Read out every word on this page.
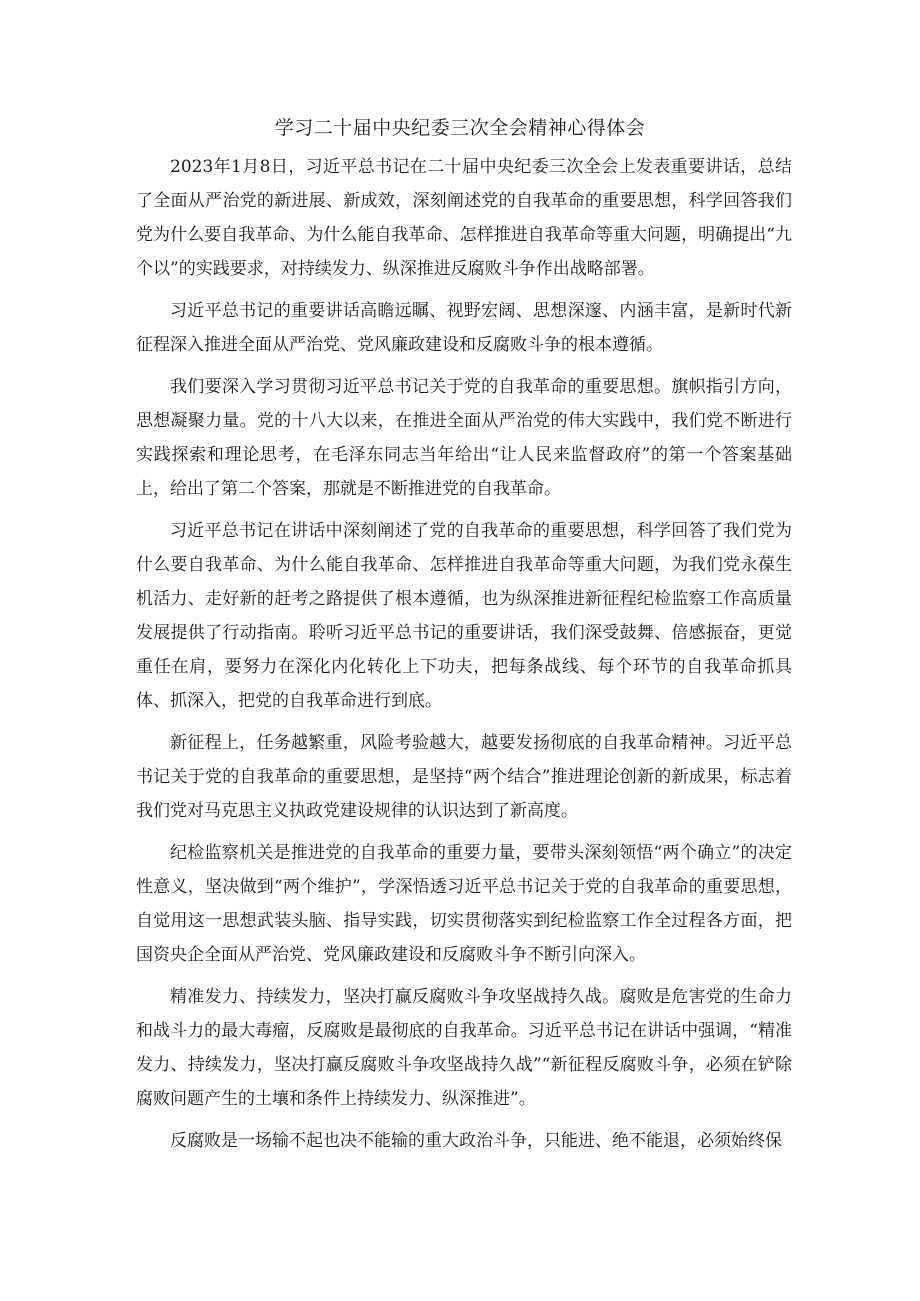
学习二十届中央纪委三次全会精神心得体会

2023年1月8日，习近平总书记在二十届中央纪委三次全会上发表重要讲话，总结了全面从严治党的新进展、新成效，深刻阐述党的自我革命的重要思想，科学回答我们党为什么要自我革命、为什么能自我革命、怎样推进自我革命等重大问题，明确提出“九个以”的实践要求，对持续发力、纵深推进反腐败斗争作出战略部署。

习近平总书记的重要讲话高瞻远瞩、视野宏阔、思想深邃、内涵丰富，是新时代新征程深入推进全面从严治党、党风廉政建设和反腐败斗争的根本遵循。

我们要深入学习贯彻习近平总书记关于党的自我革命的重要思想。旗帜指引方向，思想凝聚力量。党的十八大以来，在推进全面从严治党的伟大实践中，我们党不断进行实践探索和理论思考，在毛泽东同志当年给出“让人民来监督政府”的第一个答案基础上，给出了第二个答案，那就是不断推进党的自我革命。

习近平总书记在讲话中深刻阐述了党的自我革命的重要思想，科学回答了我们党为什么要自我革命、为什么能自我革命、怎样推进自我革命等重大问题，为我们党永葆生机活力、走好新的赶考之路提供了根本遵循，也为纵深推进新征程纪检监察工作高质量发展提供了行动指南。聆听习近平总书记的重要讲话，我们深受鼓舞、倍感振奋，更觉重任在肩，要努力在深化内化转化上下功夫，把每条战线、每个环节的自我革命抓具体、抓深入，把党的自我革命进行到底。

新征程上，任务越繁重，风险考验越大，越要发扬彻底的自我革命精神。习近平总书记关于党的自我革命的重要思想，是坚持“两个结合”推进理论创新的新成果，标志着我们党对马克思主义执政党建设规律的认识达到了新高度。

纪检监察机关是推进党的自我革命的重要力量，要带头深刻领悟“两个确立”的决定性意义，坚决做到“两个维护”，学深悟透习近平总书记关于党的自我革命的重要思想，自觉用这一思想武装头脑、指导实践，切实贯彻落实到纪检监察工作全过程各方面，把国资央企全面从严治党、党风廉政建设和反腐败斗争不断引向深入。

精准发力、持续发力，坚决打赢反腐败斗争攻坚战持久战。腐败是危害党的生命力和战斗力的最大毒瘤，反腐败是最彻底的自我革命。习近平总书记在讲话中强调，“精准发力、持续发力，坚决打赢反腐败斗争攻坚战持久战”“新征程反腐败斗争，必须在铲除腐败问题产生的土壤和条件上持续发力、纵深推进”。

反腐败是一场输不起也决不能输的重大政治斗争，只能进、绝不能退，必须始终保
